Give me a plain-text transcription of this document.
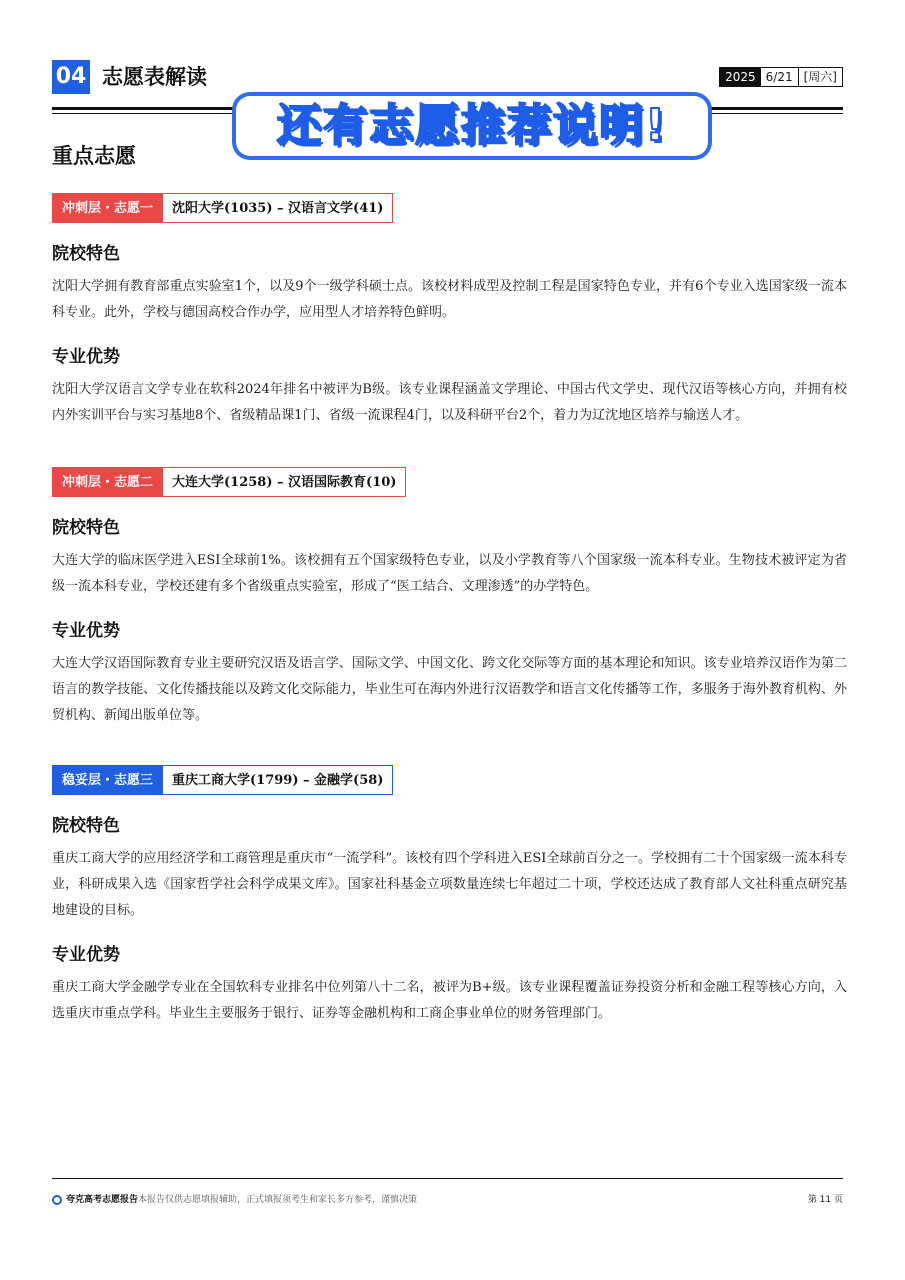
04 志愿表解读	2025 6/21 [周六]
还有志愿推荐说明!
重点志愿
冲刺层・志愿一	沈阳大学(1035) – 汉语言文学(41)
院校特色

沈阳大学拥有教育部重点实验室1个，以及9个一级学科硕士点。该校材料成型及控制工程是国家特色专业，并有6个专业入选国家级一流本科专业。此外，学校与德国高校合作办学，应用型人才培养特色鲜明。

专业优势

沈阳大学汉语言文学专业在软科2024年排名中被评为B级。该专业课程涵盖文学理论、中国古代文学史、现代汉语等核心方向，并拥有校内外实训平台与实习基地8个、省级精品课1门、省级一流课程4门，以及科研平台2个，着力为辽沈地区培养与输送人才。

冲刺层・志愿二	大连大学(1258) – 汉语国际教育(10)
院校特色

大连大学的临床医学进入ESI全球前1%。该校拥有五个国家级特色专业，以及小学教育等八个国家级一流本科专业。生物技术被评定为省级一流本科专业，学校还建有多个省级重点实验室，形成了“医工结合、文理渗透”的办学特色。

专业优势

大连大学汉语国际教育专业主要研究汉语及语言学、国际文学、中国文化、跨文化交际等方面的基本理论和知识。该专业培养汉语作为第二语言的教学技能、文化传播技能以及跨文化交际能力，毕业生可在海内外进行汉语教学和语言文化传播等工作，多服务于海外教育机构、外贸机构、新闻出版单位等。

稳妥层・志愿三	重庆工商大学(1799) – 金融学(58)
院校特色

重庆工商大学的应用经济学和工商管理是重庆市“一流学科”。该校有四个学科进入ESI全球前百分之一。学校拥有二十个国家级一流本科专业，科研成果入选《国家哲学社会科学成果文库》。国家社科基金立项数量连续七年超过二十项，学校还达成了教育部人文社科重点研究基地建设的目标。

专业优势

重庆工商大学金融学专业在全国软科专业排名中位列第八十二名，被评为B+级。该专业课程覆盖证券投资分析和金融工程等核心方向，入选重庆市重点学科。毕业生主要服务于银行、证券等金融机构和工商企事业单位的财务管理部门。

夸克高考志愿报告 本报告仅供志愿填报辅助，正式填报须考生和家长多方参考，谨慎决策	第 11 页
